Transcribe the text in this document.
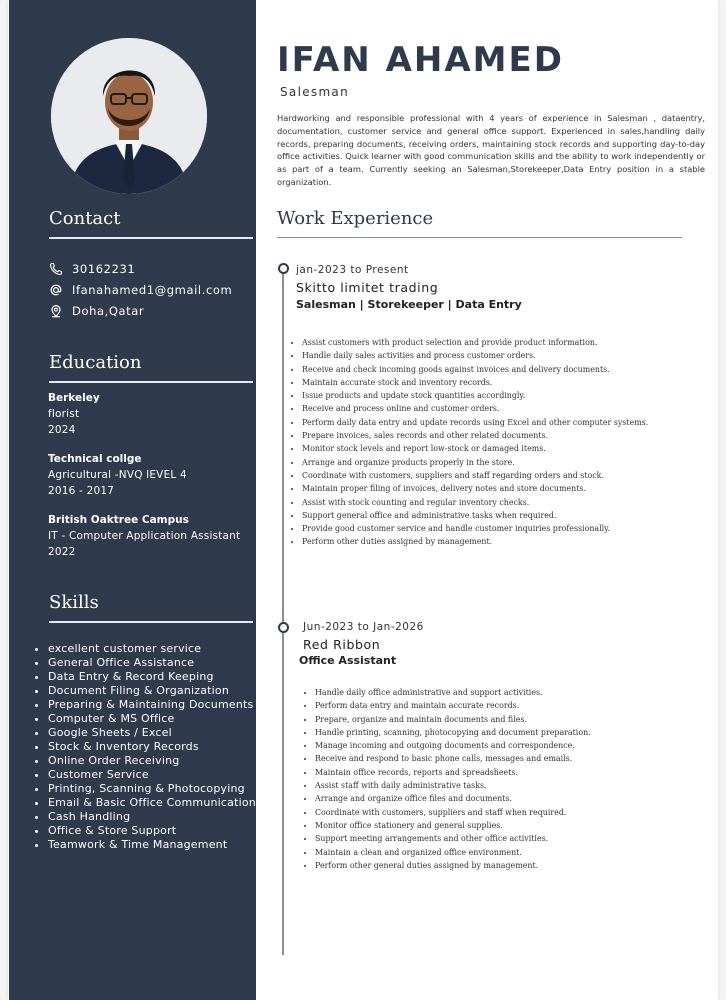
Contact
30162231
Ifanahamed1@gmail.com
Doha,Qatar
Education
Berkeley
florist
2024
Technical collge
Agricultural -NVQ lEVEL 4
2016 - 2017
British Oaktree Campus
IT - Computer Application Assistant
2022
Skills
• excellent customer service
• General Office Assistance
• Data Entry & Record Keeping
• Document Filing & Organization
• Preparing & Maintaining Documents
• Computer & MS Office
• Google Sheets / Excel
• Stock & Inventory Records
• Online Order Receiving
• Customer Service
• Printing, Scanning & Photocopying
• Email & Basic Office Communication
• Cash Handling
• Office & Store Support
• Teamwork & Time Management
IFAN AHAMED
Salesman
Hardworking and responsible professional with 4 years of experience in Salesman , dataentry, documentation, customer service and general office support. Experienced in sales,handling daily records, preparing documents, receiving orders, maintaining stock records and supporting day-to-day office activities. Quick learner with good communication skills and the ability to work independently or as part of a team. Currently seeking an Salesman,Storekeeper,Data Entry position in a stable organization.
Work Experience
jan-2023 to Present
Skitto limitet trading
Salesman | Storekeeper | Data Entry
• Assist customers with product selection and provide product information.
• Handle daily sales activities and process customer orders.
• Receive and check incoming goods against invoices and delivery documents.
• Maintain accurate stock and inventory records.
• Issue products and update stock quantities accordingly.
• Receive and process online and customer orders.
• Perform daily data entry and update records using Excel and other computer systems.
• Prepare invoices, sales records and other related documents.
• Monitor stock levels and report low-stock or damaged items.
• Arrange and organize products properly in the store.
• Coordinate with customers, suppliers and staff regarding orders and stock.
• Maintain proper filing of invoices, delivery notes and store documents.
• Assist with stock counting and regular inventory checks.
• Support general office and administrative tasks when required.
• Provide good customer service and handle customer inquiries professionally.
• Perform other duties assigned by management.
Jun-2023 to Jan-2026
Red Ribbon
Office Assistant
• Handle daily office administrative and support activities.
• Perform data entry and maintain accurate records.
• Prepare, organize and maintain documents and files.
• Handle printing, scanning, photocopying and document preparation.
• Manage incoming and outgoing documents and correspondence.
• Receive and respond to basic phone calls, messages and emails.
• Maintain office records, reports and spreadsheets.
• Assist staff with daily administrative tasks.
• Arrange and organize office files and documents.
• Coordinate with customers, suppliers and staff when required.
• Monitor office stationery and general supplies.
• Support meeting arrangements and other office activities.
• Maintain a clean and organized office environment.
• Perform other general duties assigned by management.
